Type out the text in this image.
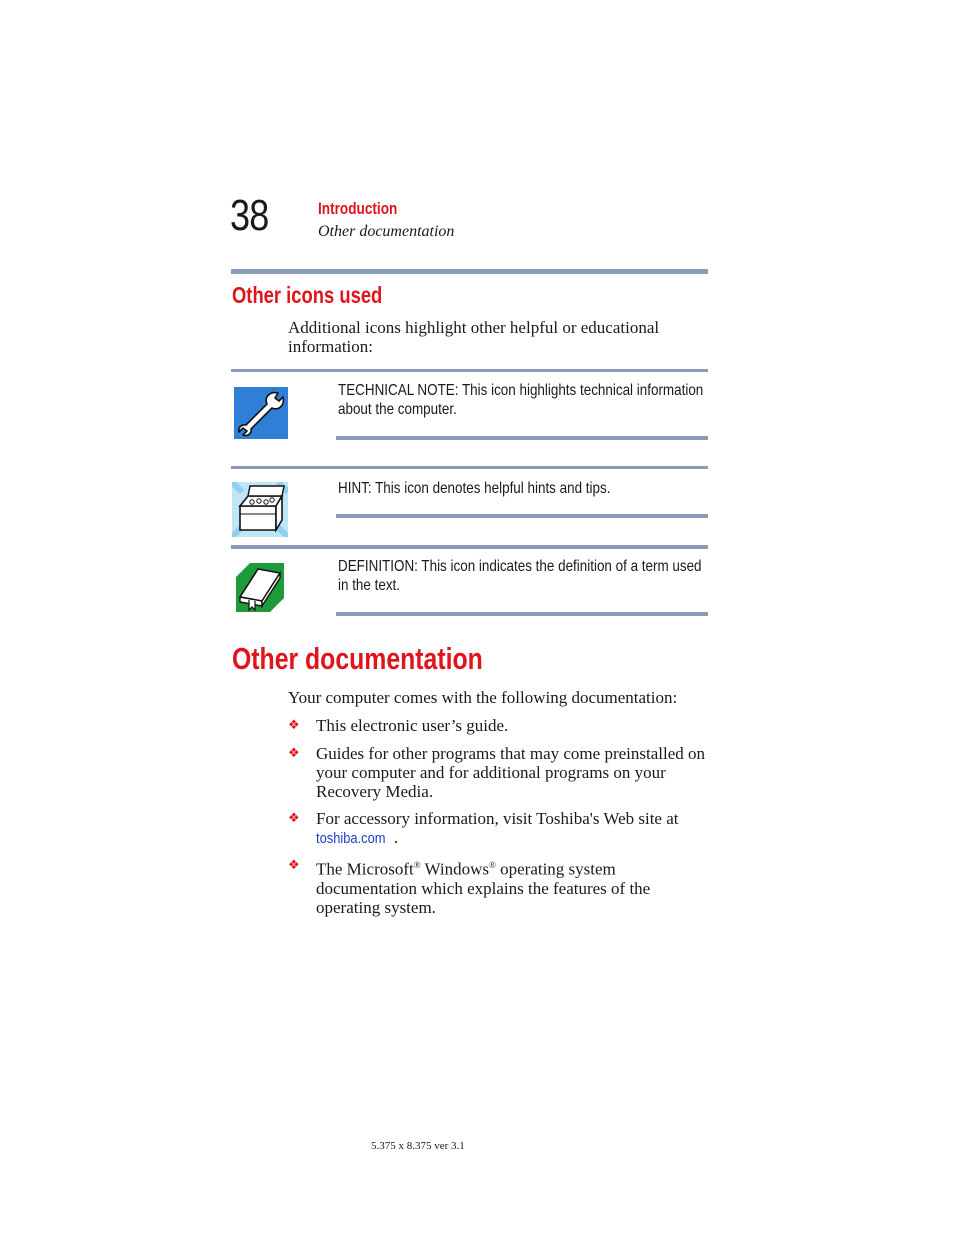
38	Introduction
Other documentation
Other icons used
Additional icons highlight other helpful or educational information:
TECHNICAL NOTE: This icon highlights technical information about the computer.
HINT: This icon denotes helpful hints and tips.
DEFINITION: This icon indicates the definition of a term used in the text.
Other documentation
Your computer comes with the following documentation:
❖ This electronic user’s guide.
❖ Guides for other programs that may come preinstalled on your computer and for additional programs on your Recovery Media.
❖ For accessory information, visit Toshiba's Web site at
toshiba.com .
❖ The Microsoft® Windows® operating system documentation which explains the features of the operating system.
5.375 x 8.375 ver 3.1
